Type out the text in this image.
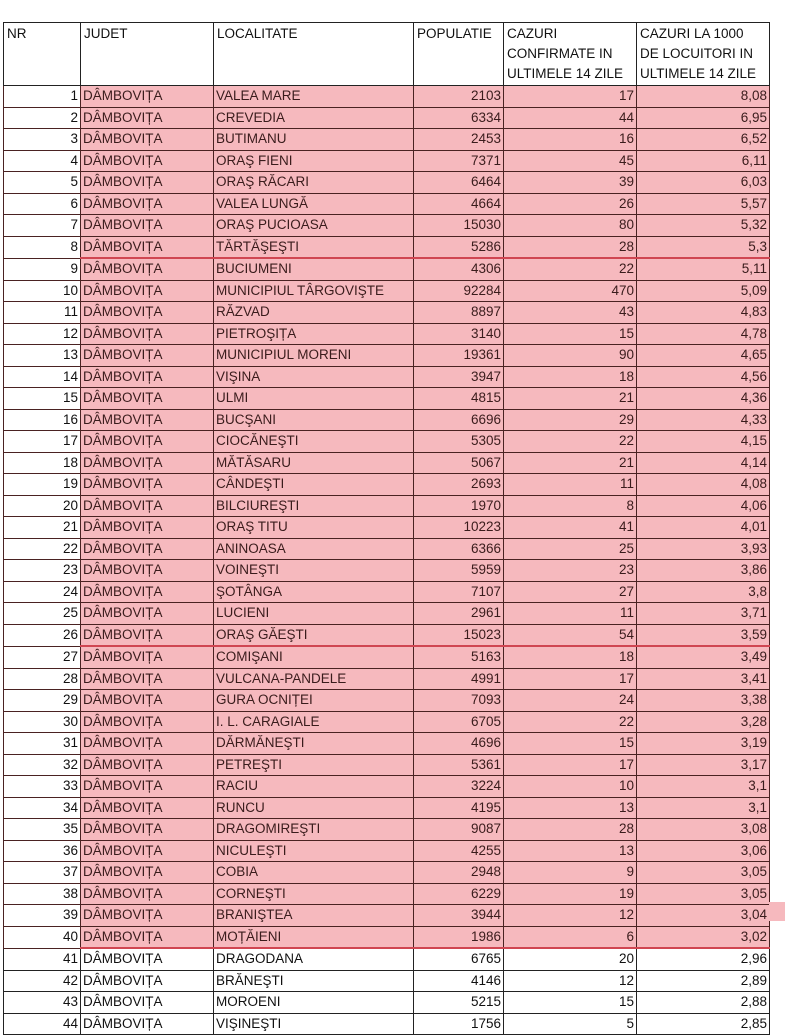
NR	JUDET	LOCALITATE	POPULATIE	CAZURI CONFIRMATE IN ULTIMELE 14 ZILE	CAZURI LA 1000 DE LOCUITORI IN ULTIMELE 14 ZILE
1	DÂMBOVIȚA	VALEA MARE	2103	17	8,08
2	DÂMBOVIȚA	CREVEDIA	6334	44	6,95
3	DÂMBOVIȚA	BUTIMANU	2453	16	6,52
4	DÂMBOVIȚA	ORAŞ FIENI	7371	45	6,11
5	DÂMBOVIȚA	ORAŞ RĂCARI	6464	39	6,03
6	DÂMBOVIȚA	VALEA LUNGĂ	4664	26	5,57
7	DÂMBOVIȚA	ORAŞ PUCIOASA	15030	80	5,32
8	DÂMBOVIȚA	TĂRTĂŞEŞTI	5286	28	5,3
9	DÂMBOVIȚA	BUCIUMENI	4306	22	5,11
10	DÂMBOVIȚA	MUNICIPIUL TÂRGOVIŞTE	92284	470	5,09
11	DÂMBOVIȚA	RĂZVAD	8897	43	4,83
12	DÂMBOVIȚA	PIETROŞIȚA	3140	15	4,78
13	DÂMBOVIȚA	MUNICIPIUL MORENI	19361	90	4,65
14	DÂMBOVIȚA	VIŞINA	3947	18	4,56
15	DÂMBOVIȚA	ULMI	4815	21	4,36
16	DÂMBOVIȚA	BUCŞANI	6696	29	4,33
17	DÂMBOVIȚA	CIOCĂNEŞTI	5305	22	4,15
18	DÂMBOVIȚA	MĂTĂSARU	5067	21	4,14
19	DÂMBOVIȚA	CÂNDEŞTI	2693	11	4,08
20	DÂMBOVIȚA	BILCIUREŞTI	1970	8	4,06
21	DÂMBOVIȚA	ORAŞ TITU	10223	41	4,01
22	DÂMBOVIȚA	ANINOASA	6366	25	3,93
23	DÂMBOVIȚA	VOINEŞTI	5959	23	3,86
24	DÂMBOVIȚA	ŞOTÂNGA	7107	27	3,8
25	DÂMBOVIȚA	LUCIENI	2961	11	3,71
26	DÂMBOVIȚA	ORAŞ GĂEŞTI	15023	54	3,59
27	DÂMBOVIȚA	COMIŞANI	5163	18	3,49
28	DÂMBOVIȚA	VULCANA-PANDELE	4991	17	3,41
29	DÂMBOVIȚA	GURA OCNIȚEI	7093	24	3,38
30	DÂMBOVIȚA	I. L. CARAGIALE	6705	22	3,28
31	DÂMBOVIȚA	DĂRMĂNEŞTI	4696	15	3,19
32	DÂMBOVIȚA	PETREŞTI	5361	17	3,17
33	DÂMBOVIȚA	RACIU	3224	10	3,1
34	DÂMBOVIȚA	RUNCU	4195	13	3,1
35	DÂMBOVIȚA	DRAGOMIREŞTI	9087	28	3,08
36	DÂMBOVIȚA	NICULEŞTI	4255	13	3,06
37	DÂMBOVIȚA	COBIA	2948	9	3,05
38	DÂMBOVIȚA	CORNEŞTI	6229	19	3,05
39	DÂMBOVIȚA	BRANIŞTEA	3944	12	3,04
40	DÂMBOVIȚA	MOȚĂIENI	1986	6	3,02
41	DÂMBOVIȚA	DRAGODANA	6765	20	2,96
42	DÂMBOVIȚA	BRĂNEŞTI	4146	12	2,89
43	DÂMBOVIȚA	MOROENI	5215	15	2,88
44	DÂMBOVIȚA	VIŞINEŞTI	1756	5	2,85
